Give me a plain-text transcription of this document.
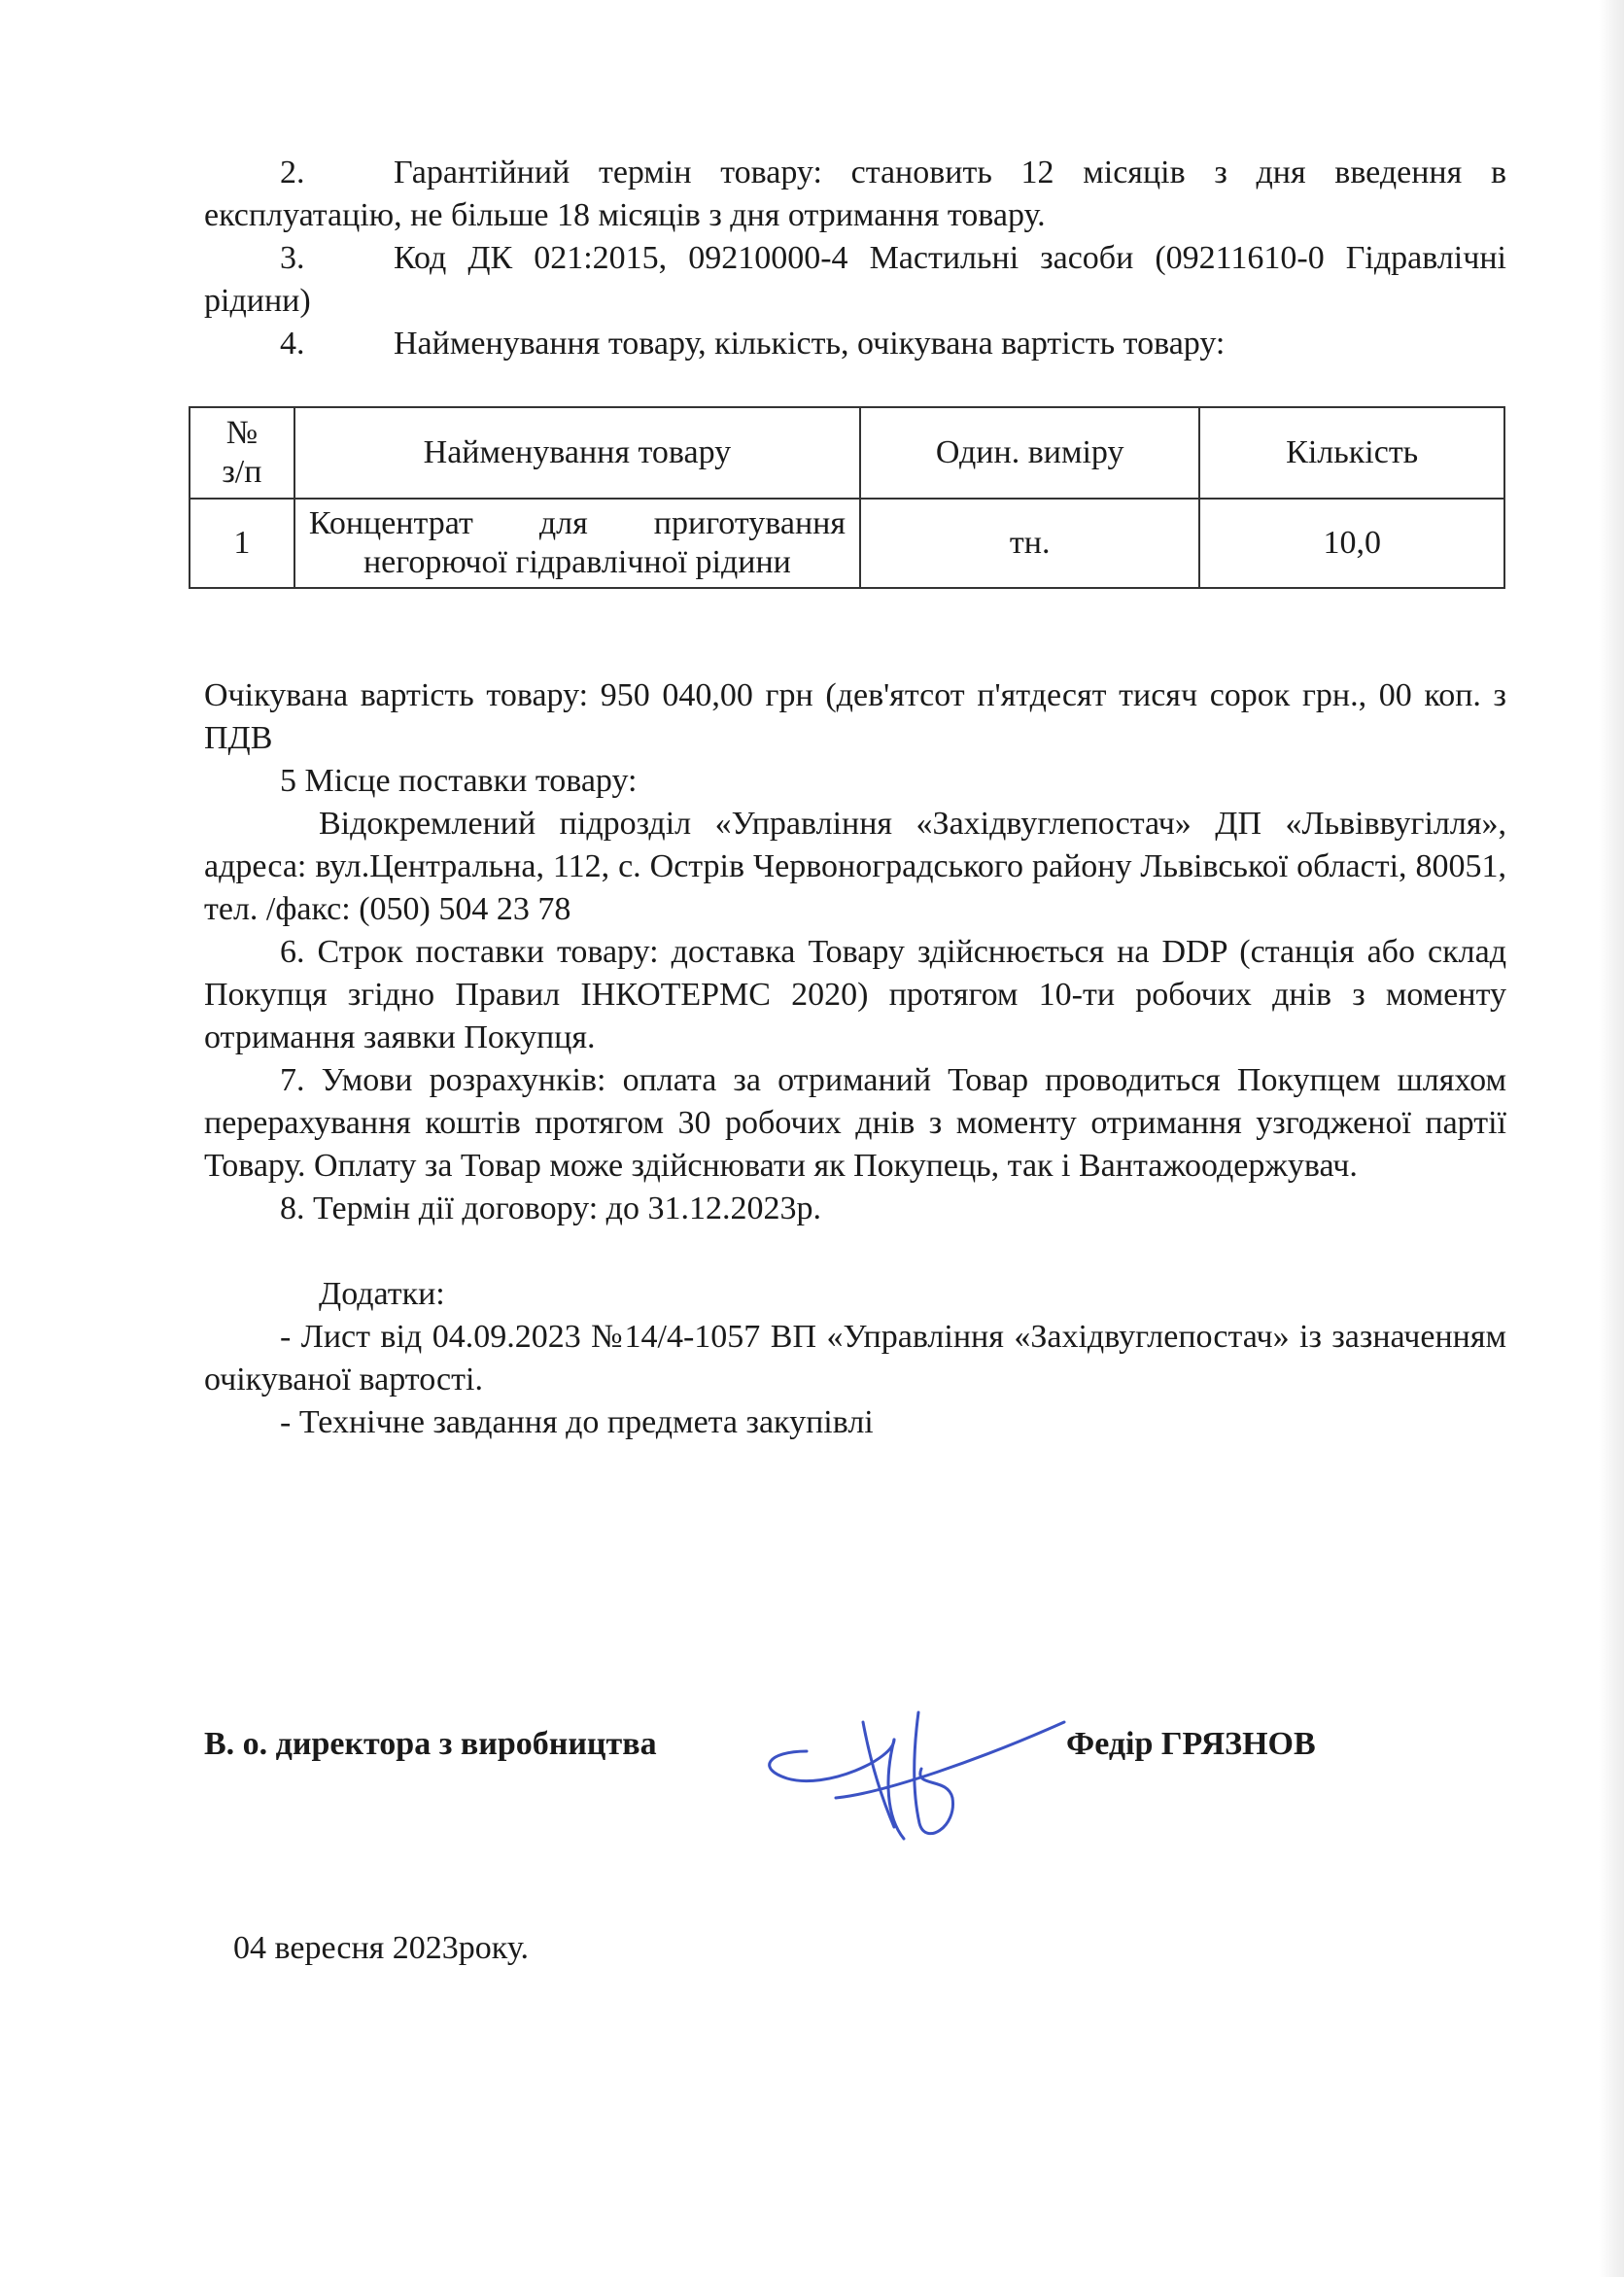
2.	Гарантійний термін товару: становить 12 місяців з дня введення в експлуатацію, не більше 18 місяців з дня отримання товару.

3.	Код ДК 021:2015, 09210000-4 Мастильні засоби (09211610-0 Гідравлічні рідини)

4.	Найменування товару, кількість, очікувана вартість товару:

№
з/п	Найменування товару	Один. виміру	Кількість
1	Концентрат для приготування негорючої гідравлічної рідини	тн.	10,0

Очікувана вартість товару: 950 040,00 грн (дев'ятсот п'ятдесят тисяч сорок грн., 00 коп. з ПДВ

5 Місце поставки товару:

Відокремлений підрозділ «Управління «Західвуглепостач» ДП «Львіввугілля», адреса: вул.Центральна, 112, с. Острів Червоноградського району Львівської області, 80051, тел. /факс: (050) 504 23 78

6. Строк поставки товару: доставка Товару здійснюється на DDP (станція або склад Покупця згідно Правил ІНКОТЕРМС 2020) протягом 10-ти робочих днів з моменту отримання заявки Покупця.

7. Умови розрахунків: оплата за отриманий Товар проводиться Покупцем шляхом перерахування коштів протягом 30 робочих днів з моменту отримання узгодженої партії Товару. Оплату за Товар може здійснювати як Покупець, так і Вантажоодержувач.

8. Термін дії договору: до 31.12.2023р.

Додатки:

- Лист від 04.09.2023 №14/4-1057 ВП «Управління «Західвуглепостач» із зазначенням очікуваної вартості.

- Технічне завдання до предмета закупівлі

В. о. директора з виробництва	Федір ГРЯЗНОВ
04 вересня 2023року.
